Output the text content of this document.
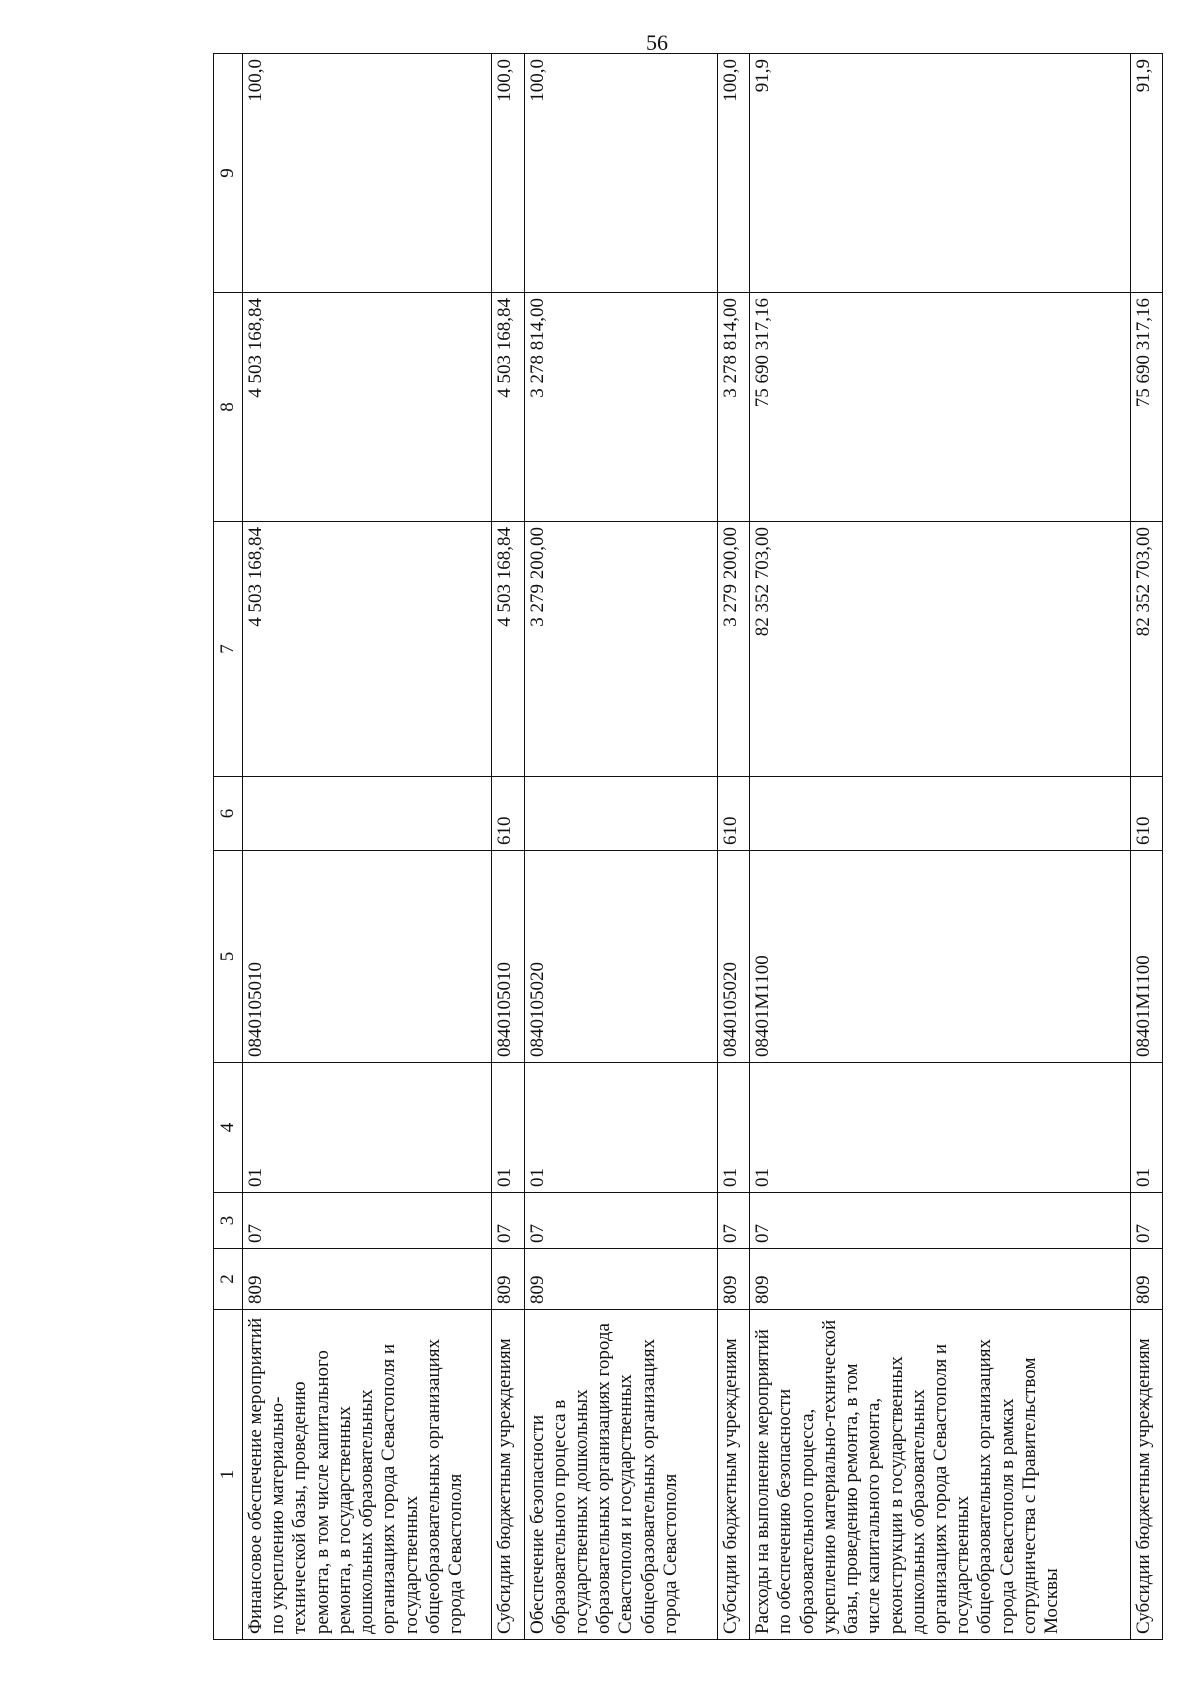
56
1	2	3	4	5	6	7	8	9
Финансовое обеспечение мероприятий по укреплению материально-технической базы, проведению ремонта, в том числе капитального ремонта, в государственных дошкольных образовательных организациях города Севастополя и государственных общеобразовательных организациях города Севастополя	809	07	01	0840105010		4 503 168,84	4 503 168,84	100,0
Субсидии бюджетным учреждениям	809	07	01	0840105010	610	4 503 168,84	4 503 168,84	100,0
Обеспечение безопасности образовательного процесса в государственных дошкольных образовательных организациях города Севастополя и государственных общеобразовательных организациях города Севастополя	809	07	01	0840105020		3 279 200,00	3 278 814,00	100,0
Субсидии бюджетным учреждениям	809	07	01	0840105020	610	3 279 200,00	3 278 814,00	100,0
Расходы на выполнение мероприятий по обеспечению безопасности образовательного процесса, укреплению материально-технической базы, проведению ремонта, в том числе капитального ремонта, реконструкции в государственных дошкольных образовательных организациях города Севастополя и государственных общеобразовательных организациях города Севастополя в рамках сотрудничества с Правительством Москвы	809	07	01	08401М1100		82 352 703,00	75 690 317,16	91,9
Субсидии бюджетным учреждениям	809	07	01	08401М1100	610	82 352 703,00	75 690 317,16	91,9
